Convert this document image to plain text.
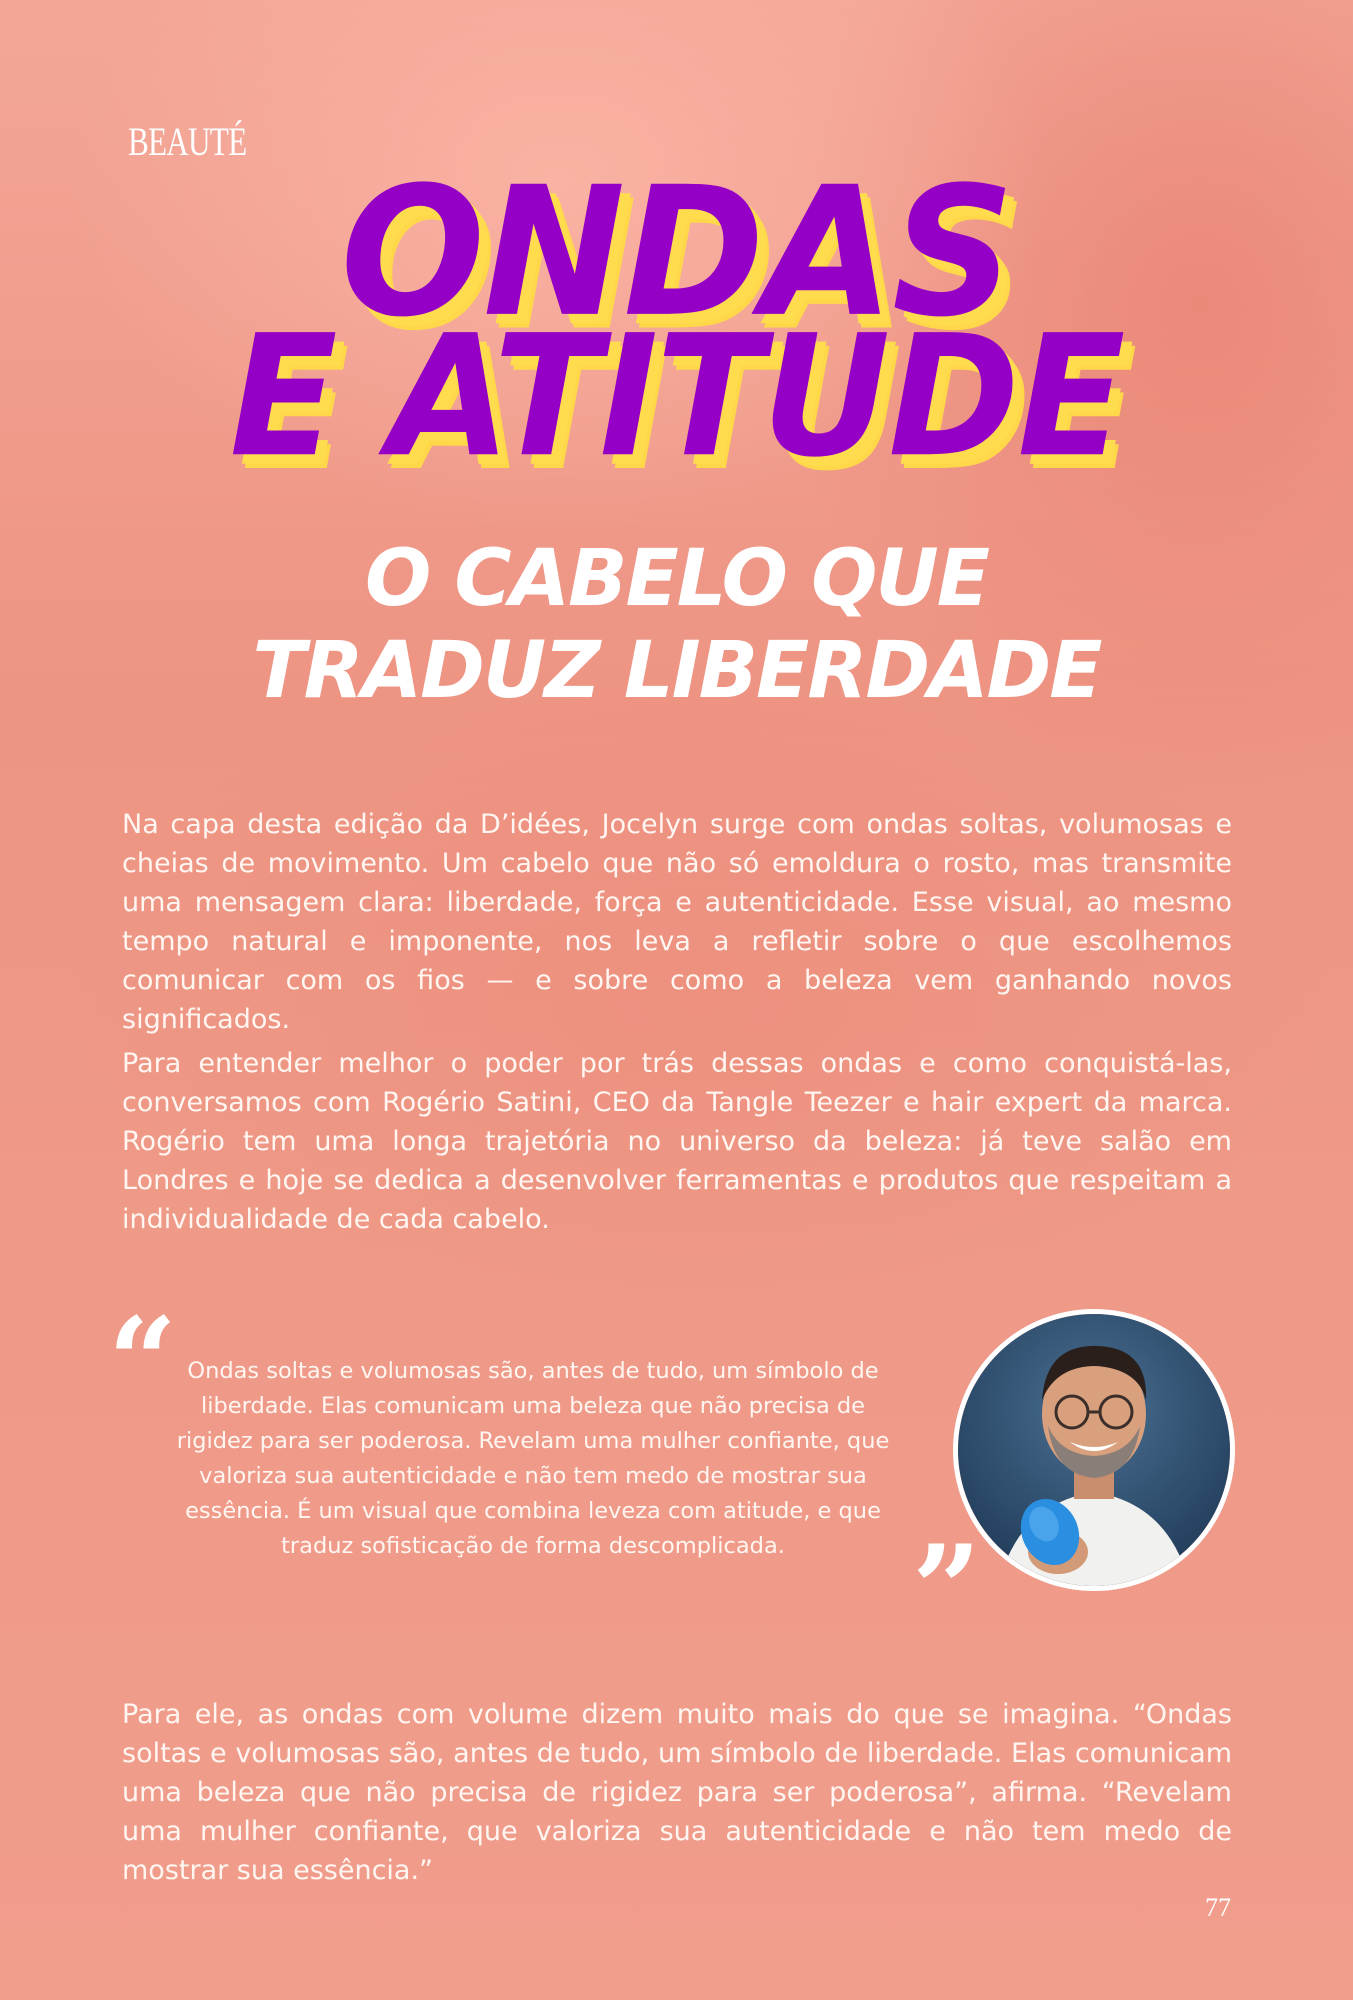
BEAUTÉ
ONDAS
E ATITUDE
O CABELO QUE
TRADUZ LIBERDADE

Na capa desta edição da D’idées, Jocelyn surge com ondas soltas, volumosas e cheias de movimento. Um cabelo que não só emoldura o rosto, mas transmite uma mensagem clara: liberdade, força e autenticidade. Esse visual, ao mesmo tempo natural e imponente, nos leva a refletir sobre o que escolhemos comunicar com os fios — e sobre como a beleza vem ganhando novos significados.

Para entender melhor o poder por trás dessas ondas e como conquistá-las, conversamos com Rogério Satini, CEO da Tangle Teezer e hair expert da marca. Rogério tem uma longa trajetória no universo da beleza: já teve salão em Londres e hoje se dedica a desenvolver ferramentas e produtos que respeitam a individualidade de cada cabelo.

“ Ondas soltas e volumosas são, antes de tudo, um símbolo de liberdade. Elas comunicam uma beleza que não precisa de rigidez para ser poderosa. Revelam uma mulher confiante, que valoriza sua autenticidade e não tem medo de mostrar sua essência. É um visual que combina leveza com atitude, e que traduz sofisticação de forma descomplicada.	”

Para ele, as ondas com volume dizem muito mais do que se imagina. “Ondas soltas e volumosas são, antes de tudo, um símbolo de liberdade. Elas comunicam uma beleza que não precisa de rigidez para ser poderosa”, afirma. “Revelam uma mulher confiante, que valoriza sua autenticidade e não tem medo de mostrar sua essência.”

77
